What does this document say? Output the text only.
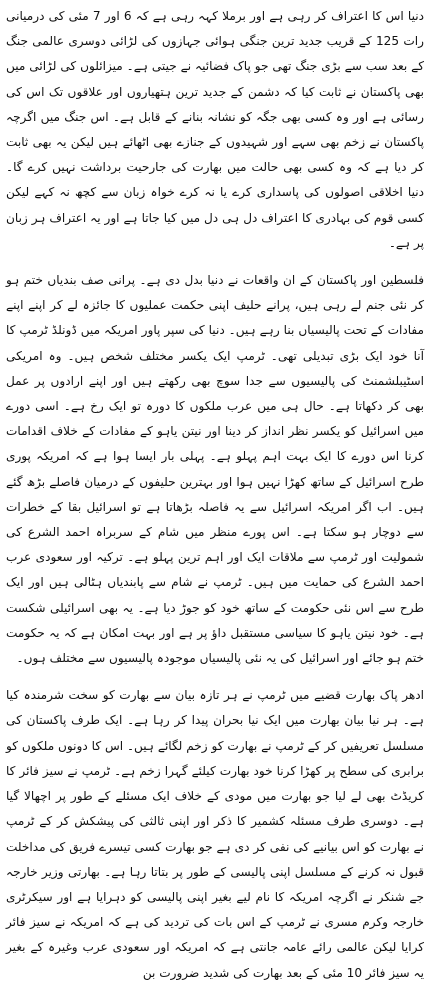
دنیا اس کا اعتراف کر رہی ہے اور برملا کہہ رہی ہے کہ 6 اور 7 مئی کی درمیانی رات 125 کے قریب جدید ترین جنگی ہوائی جہازوں کی لڑائی دوسری عالمی جنگ کے بعد سب سے بڑی جنگ تھی جو پاک فضائیہ نے جیتی ہے۔ میزائلوں کی لڑائی میں بھی پاکستان نے ثابت کیا کہ دشمن کے جدید ترین ہتھیاروں اور علاقوں تک اس کی رسائی ہے اور وہ کسی بھی جگہ کو نشانہ بنانے کے قابل ہے۔ اس جنگ میں اگرچہ پاکستان نے زخم بھی سہے اور شہیدوں کے جنازے بھی اٹھائے ہیں لیکن یہ بھی ثابت کر دیا ہے کہ وہ کسی بھی حالت میں بھارت کی جارحیت برداشت نہیں کرے گا۔ دنیا اخلاقی اصولوں کی پاسداری کرے یا نہ کرے خواہ زبان سے کچھ نہ کہے لیکن کسی قوم کی بہادری کا اعتراف دل ہی دل میں کیا جاتا ہے اور یہ اعتراف ہر زبان پر ہے۔

فلسطین اور پاکستان کے ان واقعات نے دنیا بدل دی ہے۔ پرانی صف بندیاں ختم ہو کر نئی جنم لے رہی ہیں، پرانے حلیف اپنی حکمت عملیوں کا جائزہ لے کر اپنے اپنے مفادات کے تحت پالیسیاں بنا رہے ہیں۔ دنیا کی سپر پاور امریکہ میں ڈونلڈ ٹرمپ کا آنا خود ایک بڑی تبدیلی تھی۔ ٹرمپ ایک یکسر مختلف شخص ہیں۔ وہ امریکی اسٹیبلشمنٹ کی پالیسیوں سے جدا سوچ بھی رکھتے ہیں اور اپنے ارادوں پر عمل بھی کر دکھاتا ہے۔ حال ہی میں عرب ملکوں کا دورہ تو ایک رخ ہے۔ اسی دورے میں اسرائیل کو یکسر نظر انداز کر دینا اور نیتن یاہو کے مفادات کے خلاف اقدامات کرنا اس دورے کا ایک بہت اہم پہلو ہے۔ پہلی بار ایسا ہوا ہے کہ امریکہ پوری طرح اسرائیل کے ساتھ کھڑا نہیں ہوا اور بہترین حلیفوں کے درمیان فاصلے بڑھ گئے ہیں۔ اب اگر امریکہ اسرائیل سے یہ فاصلہ بڑھاتا ہے تو اسرائیل بقا کے خطرات سے دوچار ہو سکتا ہے۔ اس پورے منظر میں شام کے سربراہ احمد الشرع کی شمولیت اور ٹرمپ سے ملاقات ایک اور اہم ترین پہلو ہے۔ ترکیہ اور سعودی عرب احمد الشرع کی حمایت میں ہیں۔ ٹرمپ نے شام سے پابندیاں ہٹالی ہیں اور ایک طرح سے اس نئی حکومت کے ساتھ خود کو جوڑ دیا ہے۔ یہ بھی اسرائیلی شکست ہے۔ خود نیتن یاہو کا سیاسی مستقبل داؤ پر ہے اور بہت امکان ہے کہ یہ حکومت ختم ہو جائے اور اسرائیل کی یہ نئی پالیسیاں موجودہ پالیسیوں سے مختلف ہوں۔

ادھر پاک بھارت قضیے میں ٹرمپ نے ہر تازہ بیان سے بھارت کو سخت شرمندہ کیا ہے۔ ہر نیا بیان بھارت میں ایک نیا بحران پیدا کر رہا ہے۔ ایک طرف پاکستان کی مسلسل تعریفیں کر کے ٹرمپ نے بھارت کو زخم لگائے ہیں۔ اس کا دونوں ملکوں کو برابری کی سطح پر کھڑا کرنا خود بھارت کیلئے گہرا زخم ہے۔ ٹرمپ نے سیز فائر کا کریڈٹ بھی لے لیا جو بھارت میں مودی کے خلاف ایک مسئلے کے طور پر اچھالا گیا ہے۔ دوسری طرف مسئلہ کشمیر کا ذکر اور اپنی ثالثی کی پیشکش کر کے ٹرمپ نے بھارت کو اس بیانیے کی نفی کر دی ہے جو بھارت کسی تیسرے فریق کی مداخلت قبول نہ کرنے کے مسلسل اپنی پالیسی کے طور پر بتاتا رہا ہے۔ بھارتی وزیر خارجہ جے شنکر نے اگرچہ امریکہ کا نام لیے بغیر اپنی پالیسی کو دہرایا ہے اور سیکرٹری خارجہ وکرم مسری نے ٹرمپ کے اس بات کی تردید کی ہے کہ امریکہ نے سیز فائر کرایا لیکن عالمی رائے عامہ جانتی ہے کہ امریکہ اور سعودی عرب وغیرہ کے بغیر یہ سیز فائر 10 مئی کے بعد بھارت کی شدید ضرورت بن
